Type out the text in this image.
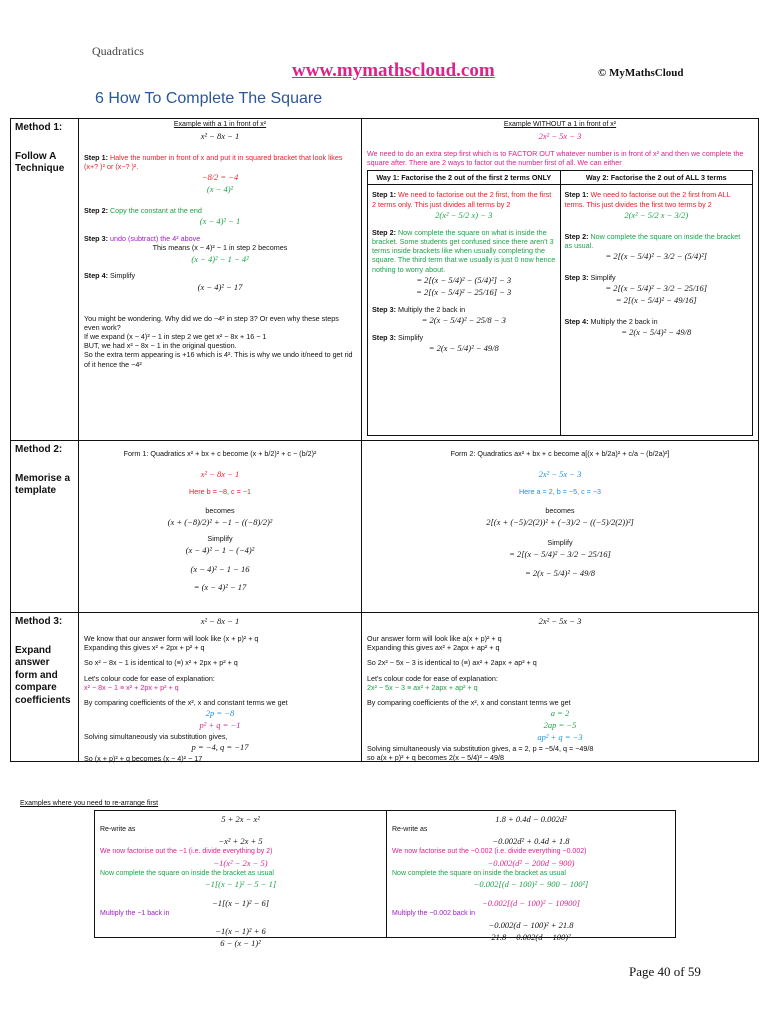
Quadratics
www.mymathscloud.com	© MyMathsCloud
6 How To Complete The Square
Method 1:
Follow A Technique
Example with a 1 in front of x²
x² − 8x − 1
Step 1: Halve the number in front of x and put it in squared bracket that look likes (x+? )² or (x−? )².
−8/2 = −4
(x − 4)²
Step 2: Copy the constant at the end
(x − 4)² − 1
Step 3: undo (subtract) the 4² above
This means (x − 4)² − 1 in step 2 becomes
(x − 4)² − 1 − 4²
Step 4: Simplify
(x − 4)² − 17
You might be wondering. Why did we do −4² in step 3? Or even why these steps even work?
If we expand (x − 4)² − 1 in step 2 we get x² − 8x + 16 − 1
BUT, we had x² − 8x − 1 in the original question.
So the extra term appearing is +16 which is 4². This is why we undo it/need to get rid of it hence the −4²
Example WITHOUT a 1 in front of x²
2x² − 5x − 3
We need to do an extra step first which is to FACTOR OUT whatever number is in front of x² and then we complete the square after. There are 2 ways to factor out the number first of all. We can either
Way 1: Factorise the 2 out of the first 2 terms ONLY
Step 1: We need to factorise out the 2 first, from the first 2 terms only. This just divides all terms by 2
2(x² − 5/2 x) − 3
Step 2: Now complete the square on what is inside the bracket. Some students get confused since there aren't 3 terms inside brackets like when usually completing the square. The third term that we usually is just 0 now hence nothing to worry about.
= 2[(x − 5/4)² − (5/4)²] − 3
= 2[(x − 5/4)² − 25/16] − 3
Step 3: Multiply the 2 back in
= 2(x − 5/4)² − 25/8 − 3
Step 3: Simplify
= 2(x − 5/4)² − 49/8
Way 2: Factorise the 2 out of ALL 3 terms
Step 1: We need to factorise out the 2 first from ALL terms. This just divides the first two terms by 2
2(x² − 5/2 x − 3/2)
Step 2: Now complete the square on inside the bracket as usual.
= 2[(x − 5/4)² − 3/2 − (5/4)²]
Step 3: Simplify
= 2[(x − 5/4)² − 3/2 − 25/16]
= 2[(x − 5/4)² − 49/16]
Step 4: Multiply the 2 back in
= 2(x − 5/4)² − 49/8
Method 2:
Memorise a template
Form 1: Quadratics x² + bx + c become (x + b/2)² + c − (b/2)²
x² − 8x − 1
Here b = −8, c = −1
becomes
(x + (−8)/2)² + −1 − ((−8)/2)²
Simplify
(x − 4)² − 1 − (−4)²
(x − 4)² − 1 − 16
= (x − 4)² − 17
Form 2: Quadratics ax² + bx + c become a[(x + b/2a)² + c/a − (b/2a)²]
2x² − 5x − 3
Here a = 2, b = −5, c = −3
becomes
2[(x + (−5)/2(2))² + (−3)/2 − ((−5)/2(2))²]
Simplify
= 2[(x − 5/4)² − 3/2 − 25/16]
= 2(x − 5/4)² − 49/8
Method 3:
Expand answer form and compare coefficients
x² − 8x − 1
We know that our answer form will look like (x + p)² + q
Expanding this gives x² + 2px + p² + q
So x² − 8x − 1 is identical to (≡) x² + 2px + p² + q
Let's colour code for ease of explanation:
x² − 8x − 1 ≡ x² + 2px + p² + q
By comparing coefficients of the x², x and constant terms we get
2p = −8
p² + q = −1
Solving simultaneously via substitution gives,
p = −4, q = −17
So (x + p)² + q becomes (x − 4)² − 17
2x² − 5x − 3
Our answer form will look like a(x + p)² + q
Expanding this gives ax² + 2apx + ap² + q
So 2x² − 5x − 3 is identical to (≡) ax² + 2apx + ap² + q
Let's colour code for ease of explanation:
2x² − 5x − 3 ≡ ax² + 2apx + ap² + q
By comparing coefficients of the x², x and constant terms we get
a = 2
2ap = −5
ap² + q = −3
Solving simultaneously via substitution gives, a = 2, p = −5/4, q = −49/8
so a(x + p)² + q becomes 2(x − 5/4)² − 49/8
Examples where you need to re-arrange first
5 + 2x − x²
Re-write as
−x² + 2x + 5
We now factorise out the −1 (i.e. divide everything by 2)
−1(x² − 2x − 5)
Now complete the square on inside the bracket as usual
−1[(x − 1)² − 5 − 1]
−1[(x − 1)² − 6]
Multiply the −1 back in
−1(x − 1)² + 6
6 − (x − 1)²
1.8 + 0.4d − 0.002d²
Re-write as
−0.002d² + 0.4d + 1.8
We now factorise out the −0.002 (i.e. divide everything −0.002)
−0.002(d² − 200d − 900)
Now complete the square on inside the bracket as usual
−0.002[(d − 100)² − 900 − 100²]
−0.002[(d − 100)² − 10900]
Multiply the −0.002 back in
−0.002(d − 100)² + 21.8
21.8 − 0.002(d − 100)²
Page 40 of 59
